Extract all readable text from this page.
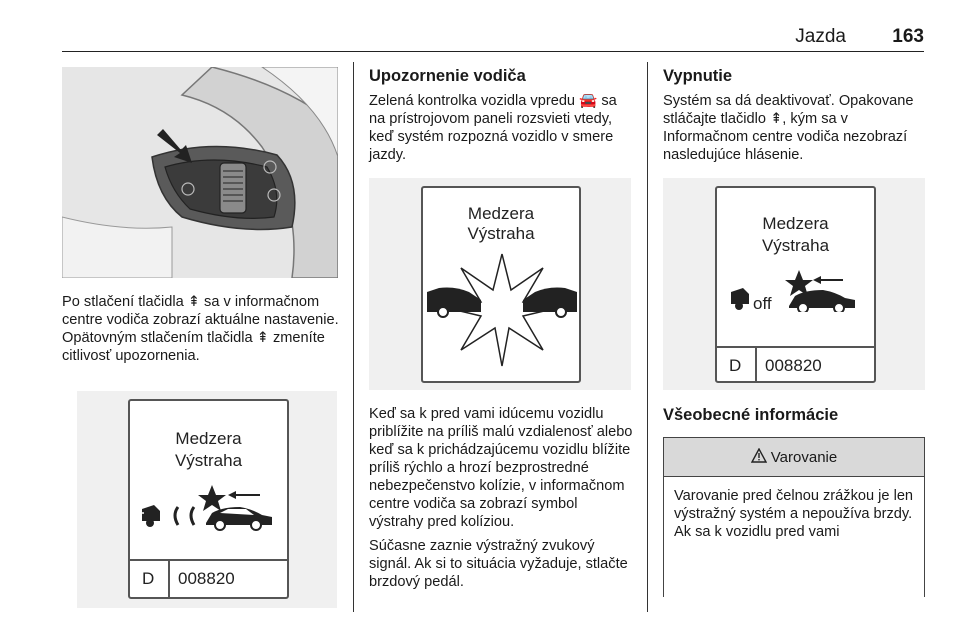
Jazda 163

Po stlačení tlačidla ⇞ sa v informačnom centre vodiča zobrazí aktuálne nastavenie. Opätovným stlačením tlačidla ⇞ zmeníte citlivosť upozornenia.

Medzera
Výstraha
D 008820
Upozornenie vodiča

Zelená kontrolka vozidla vpredu 🚘 sa na prístrojovom paneli rozsvieti vtedy, keď systém rozpozná vozidlo v smere jazdy.

Medzera
Výstraha

Keď sa k pred vami idúcemu vozidlu priblížite na príliš malú vzdialenosť alebo keď sa k prichádzajúcemu vozidlu blížite príliš rýchlo a hrozí bezprostredné nebezpečenstvo kolízie, v informačnom centre vodiča sa zobrazí symbol výstrahy pred kolíziou.

Súčasne zaznie výstražný zvukový signál. Ak si to situácia vyžaduje, stlačte brzdový pedál.

Vypnutie

Systém sa dá deaktivovať. Opakovane stláčajte tlačidlo ⇞, kým sa v Informačnom centre vodiča nezobrazí nasledujúce hlásenie.

Medzera
Výstraha
off
D 008820
Všeobecné informácie
Varovanie
Varovanie pred čelnou zrážkou je len výstražný systém a nepoužíva brzdy. Ak sa k vozidlu pred vami
